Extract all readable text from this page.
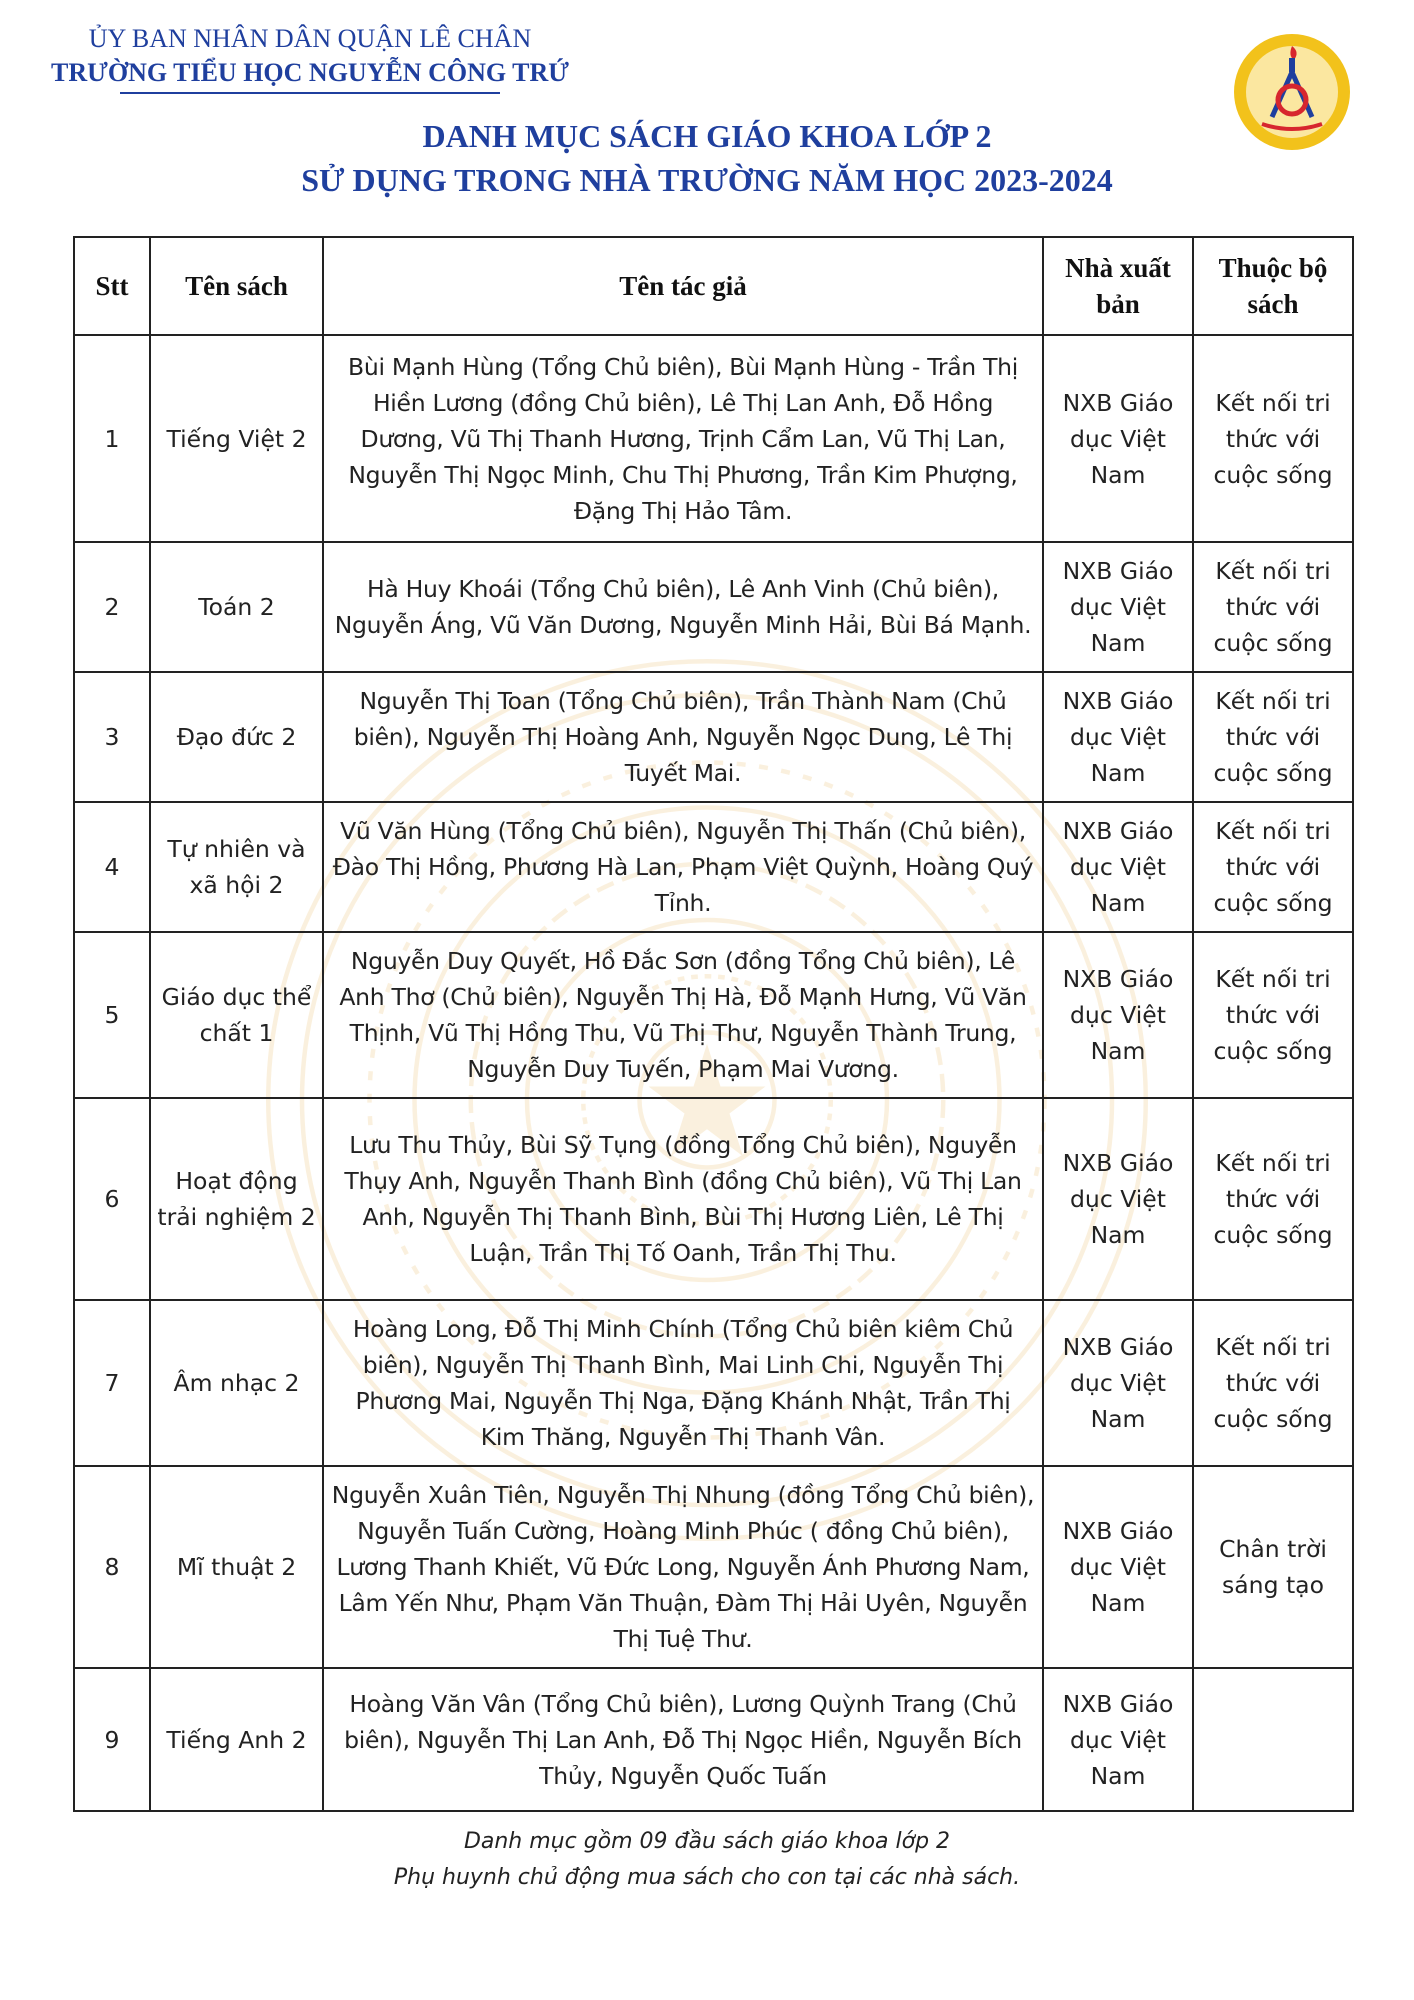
ỦY BAN NHÂN DÂN QUẬN LÊ CHÂN
TRƯỜNG TIỂU HỌC NGUYỄN CÔNG TRỨ
DANH MỤC SÁCH GIÁO KHOA LỚP 2
SỬ DỤNG TRONG NHÀ TRƯỜNG NĂM HỌC 2023-2024
Stt	Tên sách	Tên tác giả	Nhà xuất bản	Thuộc bộ sách
1	Tiếng Việt 2	Bùi Mạnh Hùng (Tổng Chủ biên), Bùi Mạnh Hùng - Trần Thị Hiền Lương (đồng Chủ biên), Lê Thị Lan Anh, Đỗ Hồng Dương, Vũ Thị Thanh Hương, Trịnh Cẩm Lan, Vũ Thị Lan, Nguyễn Thị Ngọc Minh, Chu Thị Phương, Trần Kim Phượng, Đặng Thị Hảo Tâm.	NXB Giáo dục Việt Nam	Kết nối tri thức với cuộc sống
2	Toán 2	Hà Huy Khoái (Tổng Chủ biên), Lê Anh Vinh (Chủ biên), Nguyễn Áng, Vũ Văn Dương, Nguyễn Minh Hải, Bùi Bá Mạnh.	NXB Giáo dục Việt Nam	Kết nối tri thức với cuộc sống
3	Đạo đức 2	Nguyễn Thị Toan (Tổng Chủ biên), Trần Thành Nam (Chủ biên), Nguyễn Thị Hoàng Anh, Nguyễn Ngọc Dung, Lê Thị Tuyết Mai.	NXB Giáo dục Việt Nam	Kết nối tri thức với cuộc sống
4	Tự nhiên và xã hội 2	Vũ Văn Hùng (Tổng Chủ biên), Nguyễn Thị Thấn (Chủ biên), Đào Thị Hồng, Phương Hà Lan, Phạm Việt Quỳnh, Hoàng Quý Tỉnh.	NXB Giáo dục Việt Nam	Kết nối tri thức với cuộc sống
5	Giáo dục thể chất 1	Nguyễn Duy Quyết, Hồ Đắc Sơn (đồng Tổng Chủ biên), Lê Anh Thơ (Chủ biên), Nguyễn Thị Hà, Đỗ Mạnh Hưng, Vũ Văn Thịnh, Vũ Thị Hồng Thu, Vũ Thị Thư, Nguyễn Thành Trung, Nguyễn Duy Tuyến, Phạm Mai Vương.	NXB Giáo dục Việt Nam	Kết nối tri thức với cuộc sống
6	Hoạt động trải nghiệm 2	Lưu Thu Thủy, Bùi Sỹ Tụng (đồng Tổng Chủ biên), Nguyễn Thụy Anh, Nguyễn Thanh Bình (đồng Chủ biên), Vũ Thị Lan Anh, Nguyễn Thị Thanh Bình, Bùi Thị Hương Liên, Lê Thị Luận, Trần Thị Tố Oanh, Trần Thị Thu.	NXB Giáo dục Việt Nam	Kết nối tri thức với cuộc sống
7	Âm nhạc 2	Hoàng Long, Đỗ Thị Minh Chính (Tổng Chủ biên kiêm Chủ biên), Nguyễn Thị Thanh Bình, Mai Linh Chi, Nguyễn Thị Phương Mai, Nguyễn Thị Nga, Đặng Khánh Nhật, Trần Thị Kim Thăng, Nguyễn Thị Thanh Vân.	NXB Giáo dục Việt Nam	Kết nối tri thức với cuộc sống
8	Mĩ thuật 2	Nguyễn Xuân Tiên, Nguyễn Thị Nhung (đồng Tổng Chủ biên), Nguyễn Tuấn Cường, Hoàng Minh Phúc ( đồng Chủ biên), Lương Thanh Khiết, Vũ Đức Long, Nguyễn Ánh Phương Nam, Lâm Yến Như, Phạm Văn Thuận, Đàm Thị Hải Uyên, Nguyễn Thị Tuệ Thư.	NXB Giáo dục Việt Nam	Chân trời sáng tạo
9	Tiếng Anh 2	Hoàng Văn Vân (Tổng Chủ biên), Lương Quỳnh Trang (Chủ biên), Nguyễn Thị Lan Anh, Đỗ Thị Ngọc Hiền, Nguyễn Bích Thủy, Nguyễn Quốc Tuấn	NXB Giáo dục Việt Nam	
Danh mục gồm 09 đầu sách giáo khoa lớp 2
Phụ huynh chủ động mua sách cho con tại các nhà sách.
